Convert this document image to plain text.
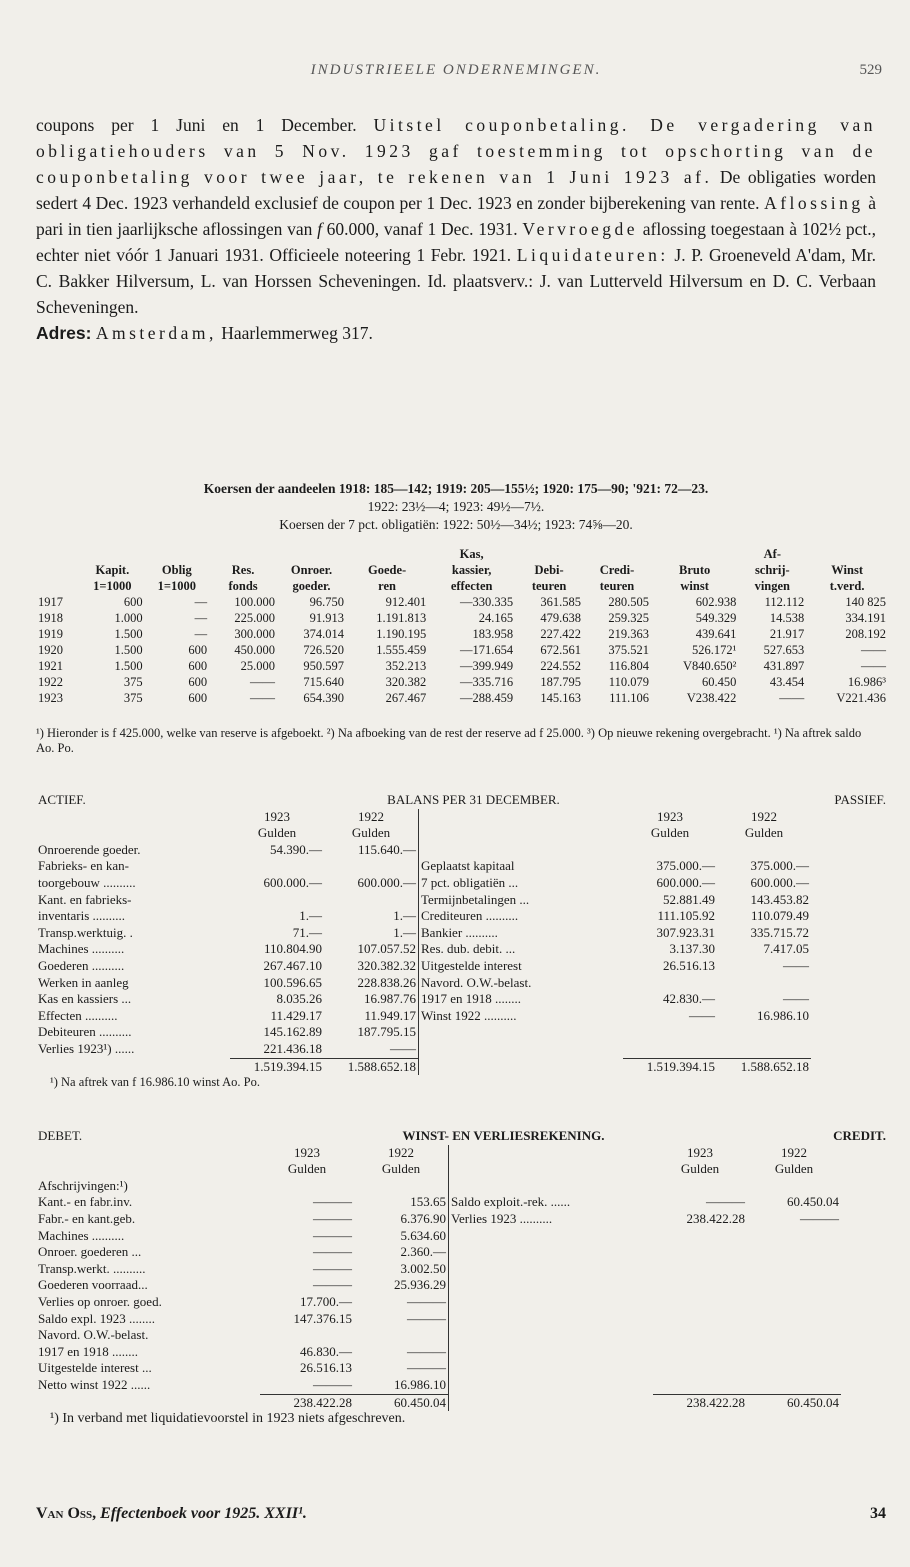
INDUSTRIEELE ONDERNEMINGEN.	529

coupons per 1 Juni en 1 December. Uitstel couponbetaling. De vergadering van obligatiehouders van 5 Nov. 1923 gaf toestemming tot opschorting van de couponbetaling voor twee jaar, te rekenen van 1 Juni 1923 af. De obligaties worden sedert 4 Dec. 1923 verhandeld exclusief de coupon per 1 Dec. 1923 en zonder bijberekening van rente. Aflossing à pari in tien jaarlijksche aflossingen van f 60.000, vanaf 1 Dec. 1931. Vervroegde aflossing toegestaan à 102½ pct., echter niet vóór 1 Januari 1931. Officieele noteering 1 Febr. 1921. Liquidateuren: J. P. Groeneveld A'dam, Mr. C. Bakker Hilversum, L. van Horssen Scheveningen. Id. plaatsverv.: J. van Lutterveld Hilversum en D. C. Verbaan Scheveningen.
Adres: Amsterdam, Haarlemmerweg 317.

Koersen der aandeelen 1918: 185—142; 1919: 205—155½; 1920: 175—90; '921: 72—23.
1922: 23½—4; 1923: 49½—7½.
Koersen der 7 pct. obligatiën: 1922: 50½—34½; 1923: 74⅝—20.
						Kas,				Af-	
	Kapit.	Oblig	Res.	Onroer.	Goede-	kassier,	Debi-	Credi-	Bruto	schrij-	Winst
	1=1000	1=1000	fonds	goeder.	ren	effecten	teuren	teuren	winst	vingen	t.verd.
1917	600	—	100.000	96.750	912.401	—330.335	361.585	280.505	602.938	112.112	140 825
1918	1.000	—	225.000	91.913	1.191.813	24.165	479.638	259.325	549.329	14.538	334.191
1919	1.500	—	300.000	374.014	1.190.195	183.958	227.422	219.363	439.641	21.917	208.192
1920	1.500	600	450.000	726.520	1.555.459	—171.654	672.561	375.521	526.172¹	527.653	——
1921	1.500	600	25.000	950.597	352.213	—399.949	224.552	116.804	V840.650²	431.897	——
1922	375	600	——	715.640	320.382	—335.716	187.795	110.079	60.450	43.454	16.986³
1923	375	600	——	654.390	267.467	—288.459	145.163	111.106	V238.422	——	V221.436
¹) Hieronder is f 425.000, welke van reserve is afgeboekt. ²) Na afboeking van de rest der reserve ad f 25.000. ³) Op nieuwe rekening overgebracht. ¹) Na aftrek saldo Ao. Po.
ACTIEF.	BALANS PER 31 DECEMBER.				PASSIEF.	
	1923	1922		1923	1922	
	Gulden	Gulden		Gulden	Gulden	
Onroerende goeder.	54.390.—	115.640.—				
Fabrieks- en kan-			Geplaatst kapitaal	375.000.—	375.000.—	
toorgebouw ..........	600.000.—	600.000.—	7 pct. obligatiën ...	600.000.—	600.000.—	
Kant. en fabrieks-			Termijnbetalingen ...	52.881.49	143.453.82	
inventaris ..........	1.—	1.—	Crediteuren ..........	111.105.92	110.079.49	
Transp.werktuig. .	71.—	1.—	Bankier ..........	307.923.31	335.715.72	
Machines ..........	110.804.90	107.057.52	Res. dub. debit. ...	3.137.30	7.417.05	
Goederen ..........	267.467.10	320.382.32	Uitgestelde interest	26.516.13	——	
Werken in aanleg	100.596.65	228.838.26	Navord. O.W.-belast.			
Kas en kassiers ...	8.035.26	16.987.76	1917 en 1918 ........	42.830.—	——	
Effecten ..........	11.429.17	11.949.17	Winst 1922 ..........	——	16.986.10	
Debiteuren ..........	145.162.89	187.795.15				
Verlies 1923¹) ......	221.436.18	——				
	1.519.394.15	1.588.652.18		1.519.394.15	1.588.652.18	
¹) Na aftrek van f 16.986.10 winst Ao. Po.
DEBET.	WINST- EN VERLIESREKENING.				CREDIT.	
	1923	1922		1923	1922	
	Gulden	Gulden		Gulden	Gulden	
Afschrijvingen:¹)						
Kant.- en fabr.inv.	———	153.65	Saldo exploit.-rek. ......	———	60.450.04	
Fabr.- en kant.geb.	———	6.376.90	Verlies 1923 ..........	238.422.28	———	
Machines ..........	———	5.634.60				
Onroer. goederen ...	———	2.360.—				
Transp.werkt. ..........	———	3.002.50				
Goederen voorraad...	———	25.936.29				
Verlies op onroer. goed.	17.700.—	———				
Saldo expl. 1923 ........	147.376.15	———				
Navord. O.W.-belast.						
1917 en 1918 ........	46.830.—	———				
Uitgestelde interest ...	26.516.13	———				
Netto winst 1922 ......	———	16.986.10				
	238.422.28	60.450.04		238.422.28	60.450.04	
¹) In verband met liquidatievoorstel in 1923 niets afgeschreven.
Van Oss, Effectenboek voor 1925. XXII¹.	34
